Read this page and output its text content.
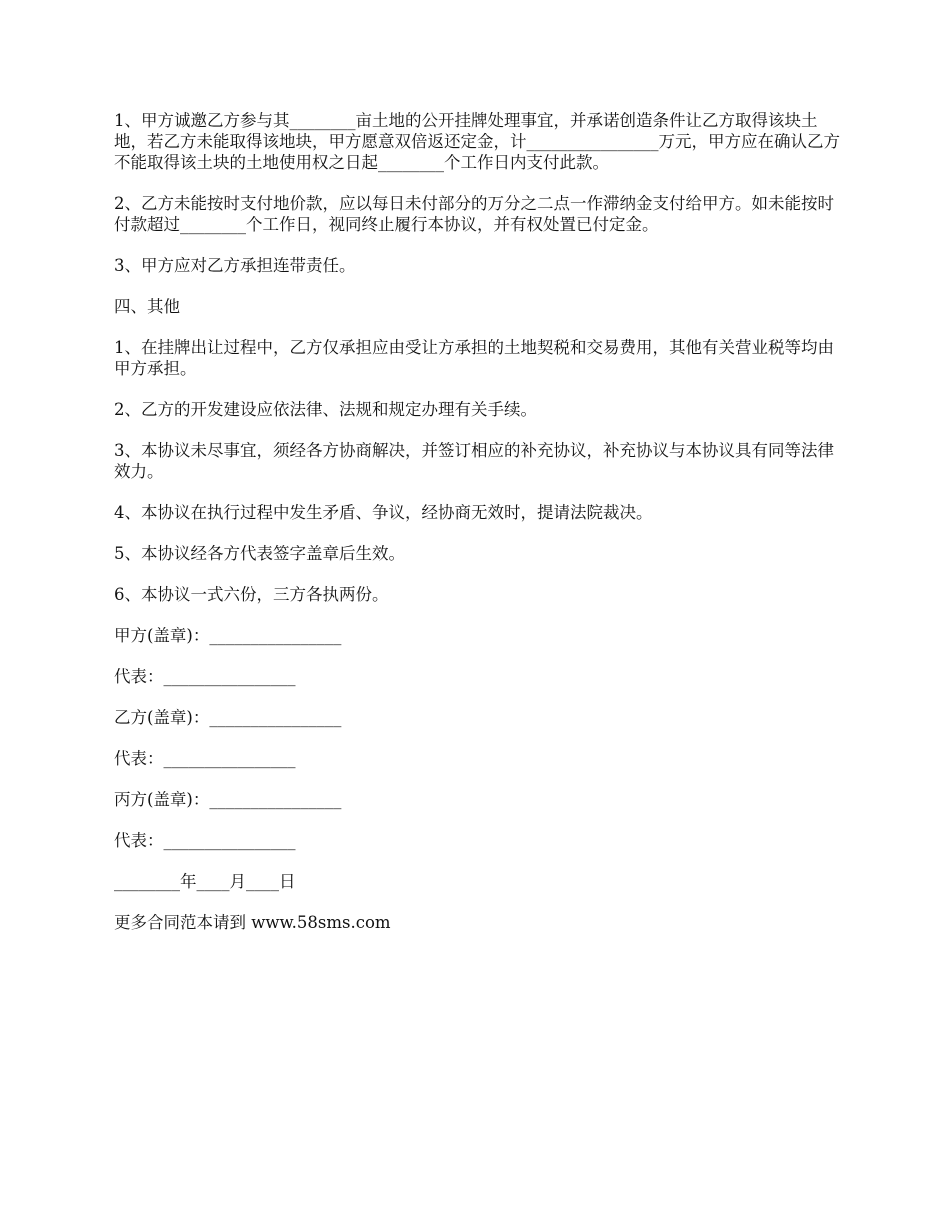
1、甲方诚邀乙方参与其________亩土地的公开挂牌处理事宜，并承诺创造条件让乙方取得该块土地，若乙方未能取得该地块，甲方愿意双倍返还定金，计________________万元，甲方应在确认乙方不能取得该土块的土地使用权之日起________个工作日内支付此款。

2、乙方未能按时支付地价款，应以每日未付部分的万分之二点一作滞纳金支付给甲方。如未能按时付款超过________个工作日，视同终止履行本协议，并有权处置已付定金。

3、甲方应对乙方承担连带责任。

四、其他

1、在挂牌出让过程中，乙方仅承担应由受让方承担的土地契税和交易费用，其他有关营业税等均由甲方承担。

2、乙方的开发建设应依法律、法规和规定办理有关手续。

3、本协议未尽事宜，须经各方协商解决，并签订相应的补充协议，补充协议与本协议具有同等法律效力。

4、本协议在执行过程中发生矛盾、争议，经协商无效时，提请法院裁决。

5、本协议经各方代表签字盖章后生效。

6、本协议一式六份，三方各执两份。

甲方(盖章)：________________

代表：________________

乙方(盖章)：________________

代表：________________

丙方(盖章)：________________

代表：________________

________年____月____日

更多合同范本请到 www.58sms.com
